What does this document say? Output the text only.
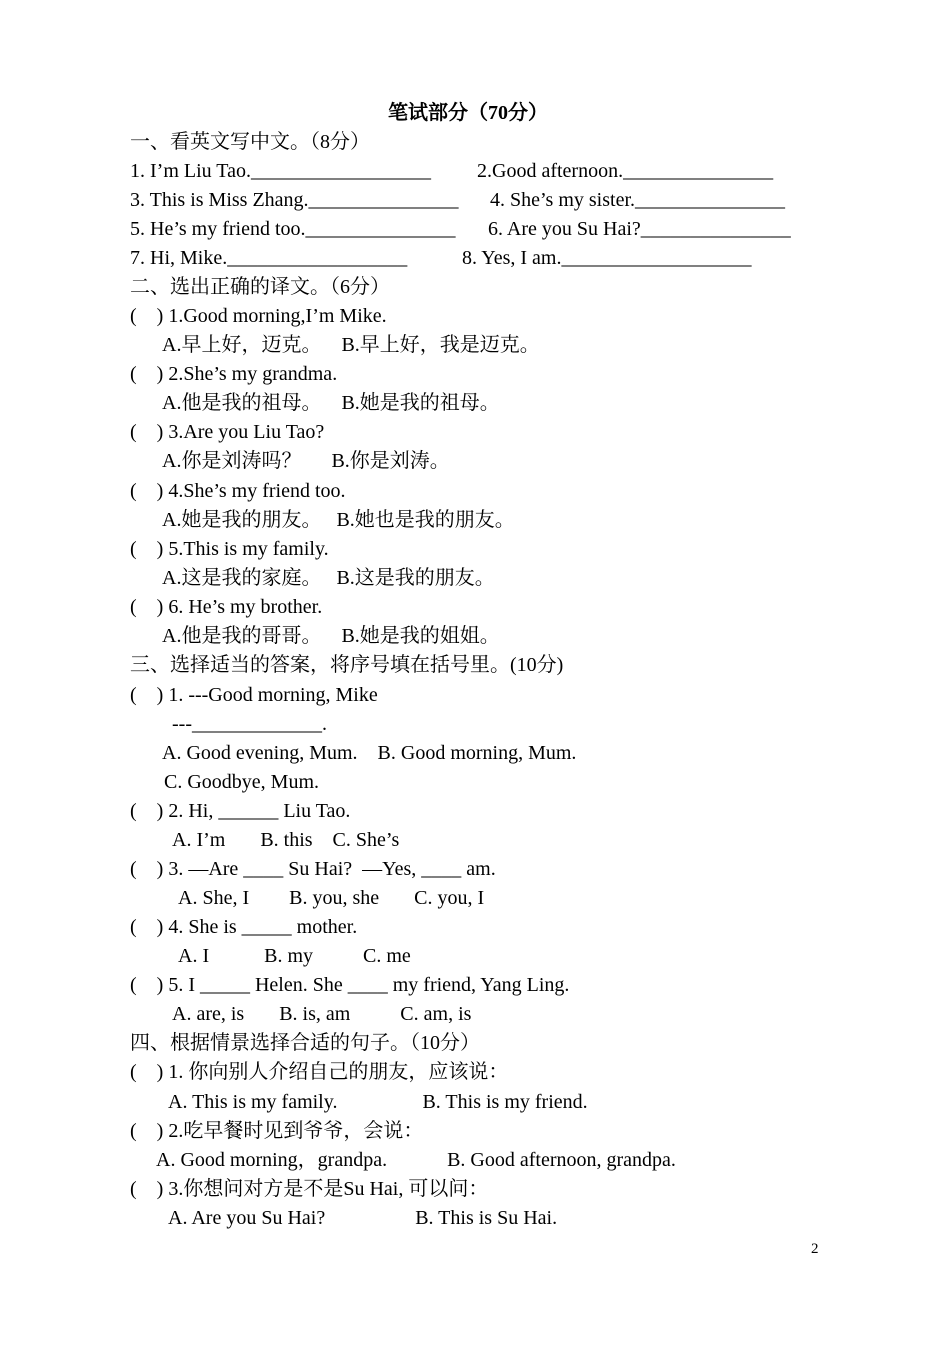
笔试部分（70分）
一、看英文写中文。（8分）
1. I’m Liu Tao.__________________ 2.Good afternoon._______________
3. This is Miss Zhang._______________ 4. She’s my sister._______________
5. He’s my friend too._______________ 6. Are you Su Hai?_______________
7. Hi, Mike.__________________	8. Yes, I am.___________________
二、选出正确的译文。（6分）
(    ) 1.Good morning,I’m Mike.
A.早上好，迈克。    B.早上好，我是迈克。
(    ) 2.She’s my grandma.
A.他是我的祖母。    B.她是我的祖母。
(    ) 3.Are you Liu Tao?
A.你是刘涛吗？      B.你是刘涛。
(    ) 4.She’s my friend too.
A.她是我的朋友。   B.她也是我的朋友。
(    ) 5.This is my family.
A.这是我的家庭。   B.这是我的朋友。
(    ) 6. He’s my brother.
A.他是我的哥哥。    B.她是我的姐姐。
三、选择适当的答案，将序号填在括号里。(10分)
(    ) 1. ---Good morning, Mike
---_____________.
A. Good evening, Mum.    B. Good morning, Mum.
C. Goodbye, Mum.
(    ) 2. Hi, ______ Liu Tao.
A. I’m       B. this    C. She’s
(    ) 3. —Are ____ Su Hai?  —Yes, ____ am.
A. She, I        B. you, she       C. you, I
(    ) 4. She is _____ mother.
A. I           B. my          C. me
(    ) 5. I _____ Helen. She ____ my friend, Yang Ling.
A. are, is       B. is, am          C. am, is
四、根据情景选择合适的句子。（10分）
(    ) 1. 你向别人介绍自己的朋友，应该说：
A. This is my family.                 B. This is my friend.
(    ) 2.吃早餐时见到爷爷，会说：
A. Good morning，grandpa.            B. Good afternoon, grandpa.
(    ) 3.你想问对方是不是Su Hai, 可以问：
A. Are you Su Hai?                  B. This is Su Hai.
2
